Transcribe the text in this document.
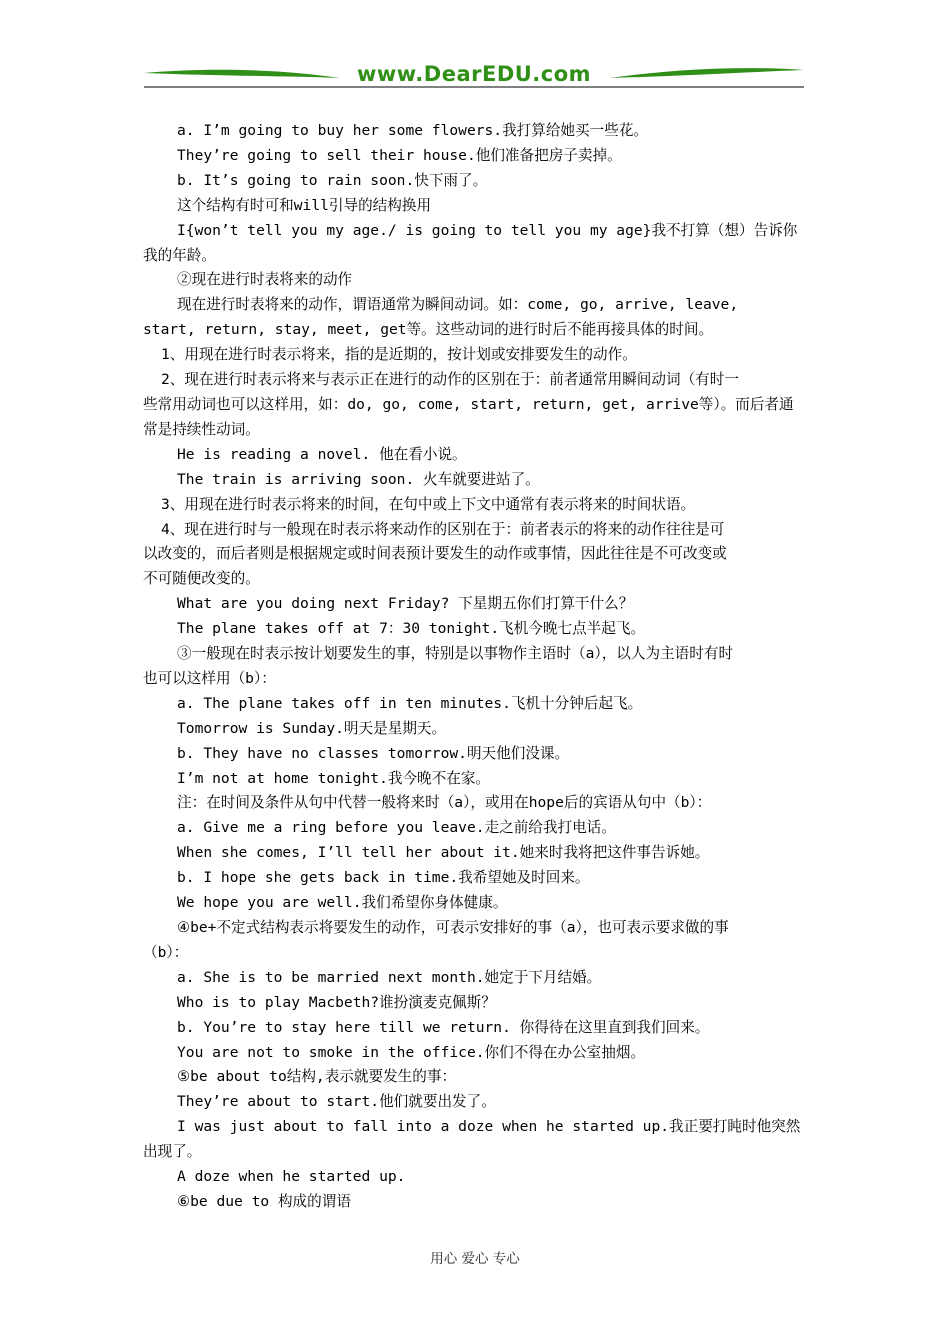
www.DearEDU.com
a. I’m going to buy her some flowers.我打算给她买一些花。
They’re going to sell their house.他们准备把房子卖掉。
b. It’s going to rain soon.快下雨了。
这个结构有时可和will引导的结构换用
I{won’t tell you my age./ is going to tell you my age}我不打算（想）告诉你
我的年龄。
②现在进行时表将来的动作
现在进行时表将来的动作，谓语通常为瞬间动词。如：come, go, arrive, leave,
start, return, stay, meet, get等。这些动词的进行时后不能再接具体的时间。
1、用现在进行时表示将来，指的是近期的，按计划或安排要发生的动作。
2、现在进行时表示将来与表示正在进行的动作的区别在于：前者通常用瞬间动词（有时一
些常用动词也可以这样用，如：do, go, come, start, return, get, arrive等）。而后者通
常是持续性动词。
He is reading a novel. 他在看小说。
The train is arriving soon. 火车就要进站了。
3、用现在进行时表示将来的时间，在句中或上下文中通常有表示将来的时间状语。
4、现在进行时与一般现在时表示将来动作的区别在于：前者表示的将来的动作往往是可
以改变的，而后者则是根据规定或时间表预计要发生的动作或事情，因此往往是不可改变或
不可随便改变的。
What are you doing next Friday? 下星期五你们打算干什么？
The plane takes off at 7：30 tonight.飞机今晚七点半起飞。
③一般现在时表示按计划要发生的事，特别是以事物作主语时（a），以人为主语时有时
也可以这样用（b）：
a. The plane takes off in ten minutes.飞机十分钟后起飞。
Tomorrow is Sunday.明天是星期天。
b. They have no classes tomorrow.明天他们没课。
I’m not at home tonight.我今晚不在家。
注：在时间及条件从句中代替一般将来时（a），或用在hope后的宾语从句中（b）：
a. Give me a ring before you leave.走之前给我打电话。
When she comes, I’ll tell her about it.她来时我将把这件事告诉她。
b. I hope she gets back in time.我希望她及时回来。
We hope you are well.我们希望你身体健康。
④be+不定式结构表示将要发生的动作，可表示安排好的事（a），也可表示要求做的事
（b）：
a. She is to be married next month.她定于下月结婚。
Who is to play Macbeth?谁扮演麦克佩斯？
b. You’re to stay here till we return. 你得待在这里直到我们回来。
You are not to smoke in the office.你们不得在办公室抽烟。
⑤be about to结构,表示就要发生的事：
They’re about to start.他们就要出发了。
I was just about to fall into a doze when he started up.我正要打盹时他突然
出现了。
A doze when he started up.
⑥be due to 构成的谓语
用心 爱心 专心
